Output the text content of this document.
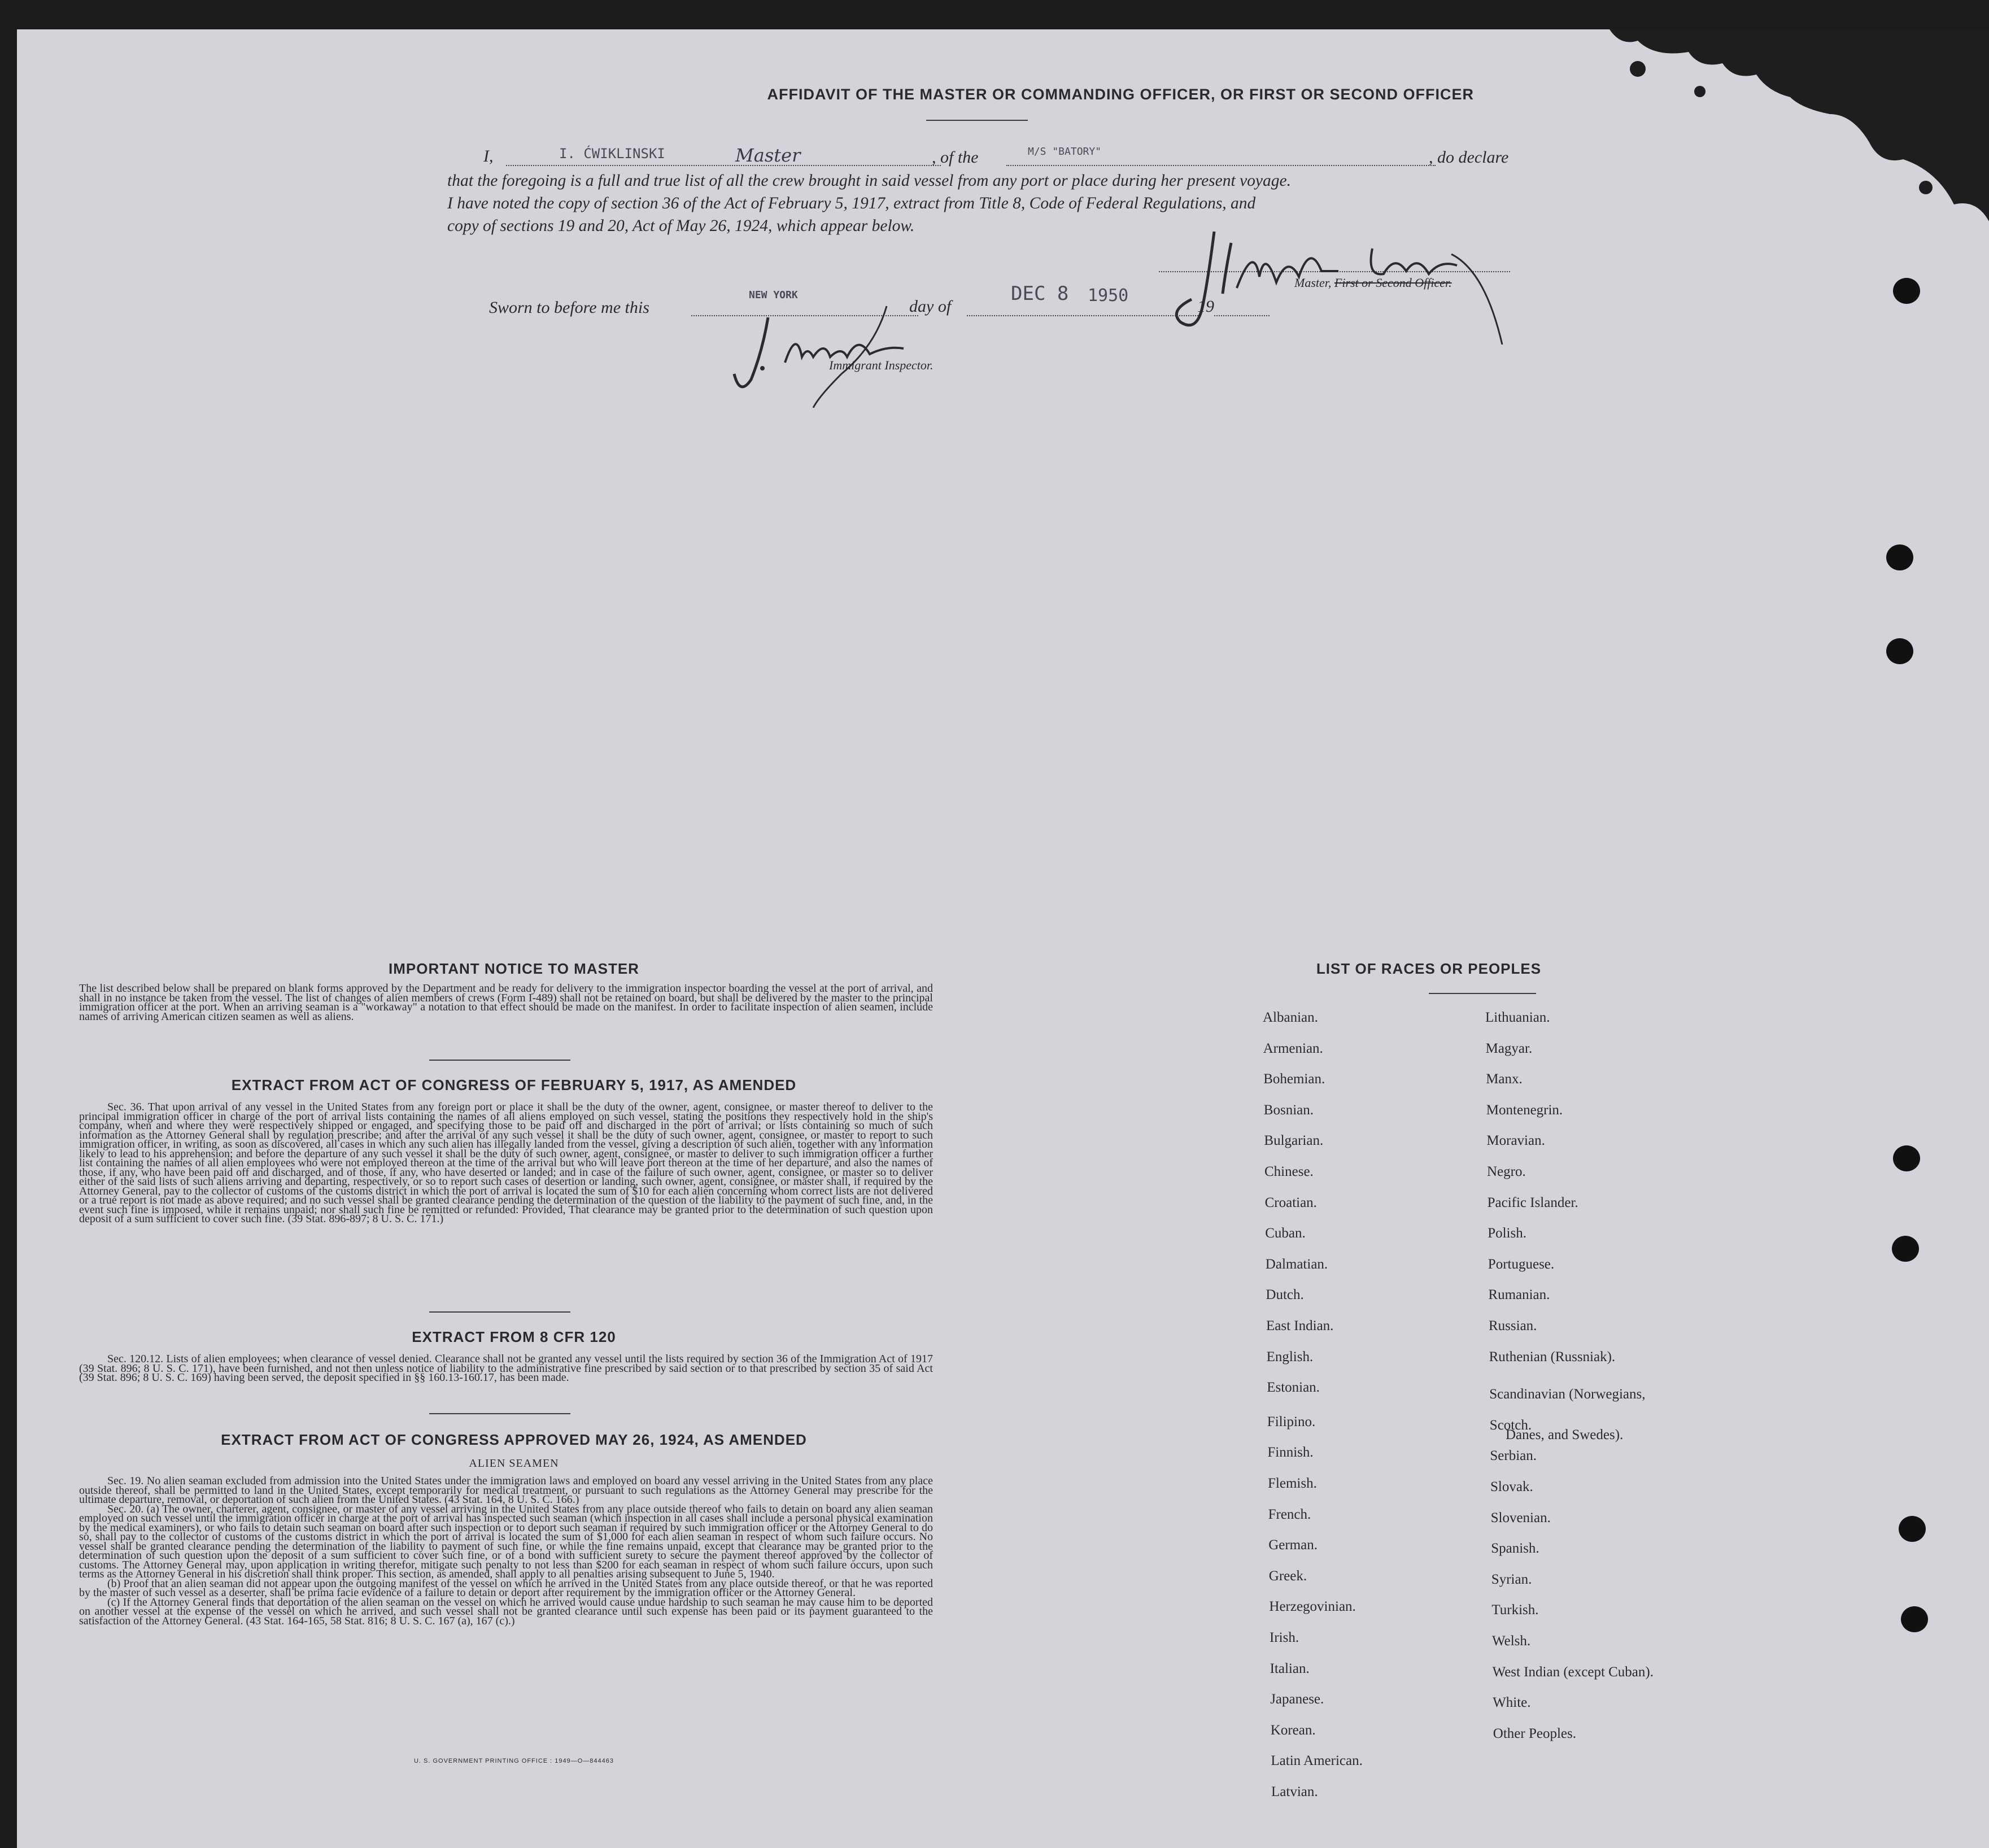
AFFIDAVIT OF THE MASTER OR COMMANDING OFFICER, OR FIRST OR SECOND OFFICER
I,	I. ĆWIKLINSKI	Master	, of the	M/S "BATORY"	, do declare
that the foregoing is a full and true list of all the crew brought in said vessel from any port or place during her present voyage.
I have noted the copy of section 36 of the Act of February 5, 1917, extract from Title 8, Code of Federal Regulations, and
copy of sections 19 and 20, Act of May 26, 1924, which appear below.
Master, First or Second Officer.
Sworn to before me this
NEW YORK
day of
DEC 8 1950
19
Immigrant Inspector.
IMPORTANT NOTICE TO MASTER
The list described below shall be prepared on blank forms approved by the Department and be ready for delivery to the immigration inspector boarding the vessel at the port of arrival, and shall in no instance be taken from the vessel. The list of changes of alien members of crews (Form I-489) shall not be retained on board, but shall be delivered by the master to the principal immigration officer at the port. When an arriving seaman is a "workaway" a notation to that effect should be made on the manifest. In order to facilitate inspection of alien seamen, include names of arriving American citizen seamen as well as aliens.
EXTRACT FROM ACT OF CONGRESS OF FEBRUARY 5, 1917, AS AMENDED
Sec. 36. That upon arrival of any vessel in the United States from any foreign port or place it shall be the duty of the owner, agent, consignee, or master thereof to deliver to the principal immigration officer in charge of the port of arrival lists containing the names of all aliens employed on such vessel, stating the positions they respectively hold in the ship's company, when and where they were respectively shipped or engaged, and specifying those to be paid off and discharged in the port of arrival; or lists containing so much of such information as the Attorney General shall by regulation prescribe; and after the arrival of any such vessel it shall be the duty of such owner, agent, consignee, or master to report to such immigration officer, in writing, as soon as discovered, all cases in which any such alien has illegally landed from the vessel, giving a description of such alien, together with any information likely to lead to his apprehension; and before the departure of any such vessel it shall be the duty of such owner, agent, consignee, or master to deliver to such immigration officer a further list containing the names of all alien employees who were not employed thereon at the time of the arrival but who will leave port thereon at the time of her departure, and also the names of those, if any, who have been paid off and discharged, and of those, if any, who have deserted or landed; and in case of the failure of such owner, agent, consignee, or master so to deliver either of the said lists of such aliens arriving and departing, respectively, or so to report such cases of desertion or landing, such owner, agent, consignee, or master shall, if required by the Attorney General, pay to the collector of customs of the customs district in which the port of arrival is located the sum of $10 for each alien concerning whom correct lists are not delivered or a true report is not made as above required; and no such vessel shall be granted clearance pending the determination of the question of the liability to the payment of such fine, and, in the event such fine is imposed, while it remains unpaid; nor shall such fine be remitted or refunded: Provided, That clearance may be granted prior to the determination of such question upon deposit of a sum sufficient to cover such fine. (39 Stat. 896-897; 8 U. S. C. 171.)
EXTRACT FROM 8 CFR 120
Sec. 120.12. Lists of alien employees; when clearance of vessel denied. Clearance shall not be granted any vessel until the lists required by section 36 of the Immigration Act of 1917 (39 Stat. 896; 8 U. S. C. 171), have been furnished, and not then unless notice of liability to the administrative fine prescribed by said section or to that prescribed by section 35 of said Act (39 Stat. 896; 8 U. S. C. 169) having been served, the deposit specified in §§ 160.13-160.17, has been made.
EXTRACT FROM ACT OF CONGRESS APPROVED MAY 26, 1924, AS AMENDED
ALIEN SEAMEN

Sec. 19. No alien seaman excluded from admission into the United States under the immigration laws and employed on board any vessel arriving in the United States from any place outside thereof, shall be permitted to land in the United States, except temporarily for medical treatment, or pursuant to such regulations as the Attorney General may prescribe for the ultimate departure, removal, or deportation of such alien from the United States. (43 Stat. 164, 8 U. S. C. 166.)

Sec. 20. (a) The owner, charterer, agent, consignee, or master of any vessel arriving in the United States from any place outside thereof who fails to detain on board any alien seaman employed on such vessel until the immigration officer in charge at the port of arrival has inspected such seaman (which inspection in all cases shall include a personal physical examination by the medical examiners), or who fails to detain such seaman on board after such inspection or to deport such seaman if required by such immigration officer or the Attorney General to do so, shall pay to the collector of customs of the customs district in which the port of arrival is located the sum of $1,000 for each alien seaman in respect of whom such failure occurs. No vessel shall be granted clearance pending the determination of the liability to payment of such fine, or while the fine remains unpaid, except that clearance may be granted prior to the determination of such question upon the deposit of a sum sufficient to cover such fine, or of a bond with sufficient surety to secure the payment thereof approved by the collector of customs. The Attorney General may, upon application in writing therefor, mitigate such penalty to not less than $200 for each seaman in respect of whom such failure occurs, upon such terms as the Attorney General in his discretion shall think proper. This section, as amended, shall apply to all penalties arising subsequent to June 5, 1940.

(b) Proof that an alien seaman did not appear upon the outgoing manifest of the vessel on which he arrived in the United States from any place outside thereof, or that he was reported by the master of such vessel as a deserter, shall be prima facie evidence of a failure to detain or deport after requirement by the immigration officer or the Attorney General.

(c) If the Attorney General finds that deportation of the alien seaman on the vessel on which he arrived would cause undue hardship to such seaman he may cause him to be deported on another vessel at the expense of the vessel on which he arrived, and such vessel shall not be granted clearance until such expense has been paid or its payment guaranteed to the satisfaction of the Attorney General. (43 Stat. 164-165, 58 Stat. 816; 8 U. S. C. 167 (a), 167 (c).)

U. S. GOVERNMENT PRINTING OFFICE : 1949—O—844463
LIST OF RACES OR PEOPLES
Albanian.
Armenian.
Bohemian.
Bosnian.
Bulgarian.
Chinese.
Croatian.
Cuban.
Dalmatian.
Dutch.
East Indian.
English.
Estonian.
Filipino.
Finnish.
Flemish.
French.
German.
Greek.
Herzegovinian.
Irish.
Italian.
Japanese.
Korean.
Latin American.
Latvian.
Lithuanian.
Magyar.
Manx.
Montenegrin.
Moravian.
Negro.
Pacific Islander.
Polish.
Portuguese.
Rumanian.
Russian.
Ruthenian (Russniak).
Scandinavian (Norwegians,
Danes, and Swedes).
Scotch.
Serbian.
Slovak.
Slovenian.
Spanish.
Syrian.
Turkish.
Welsh.
West Indian (except Cuban).
White.
Other Peoples.
